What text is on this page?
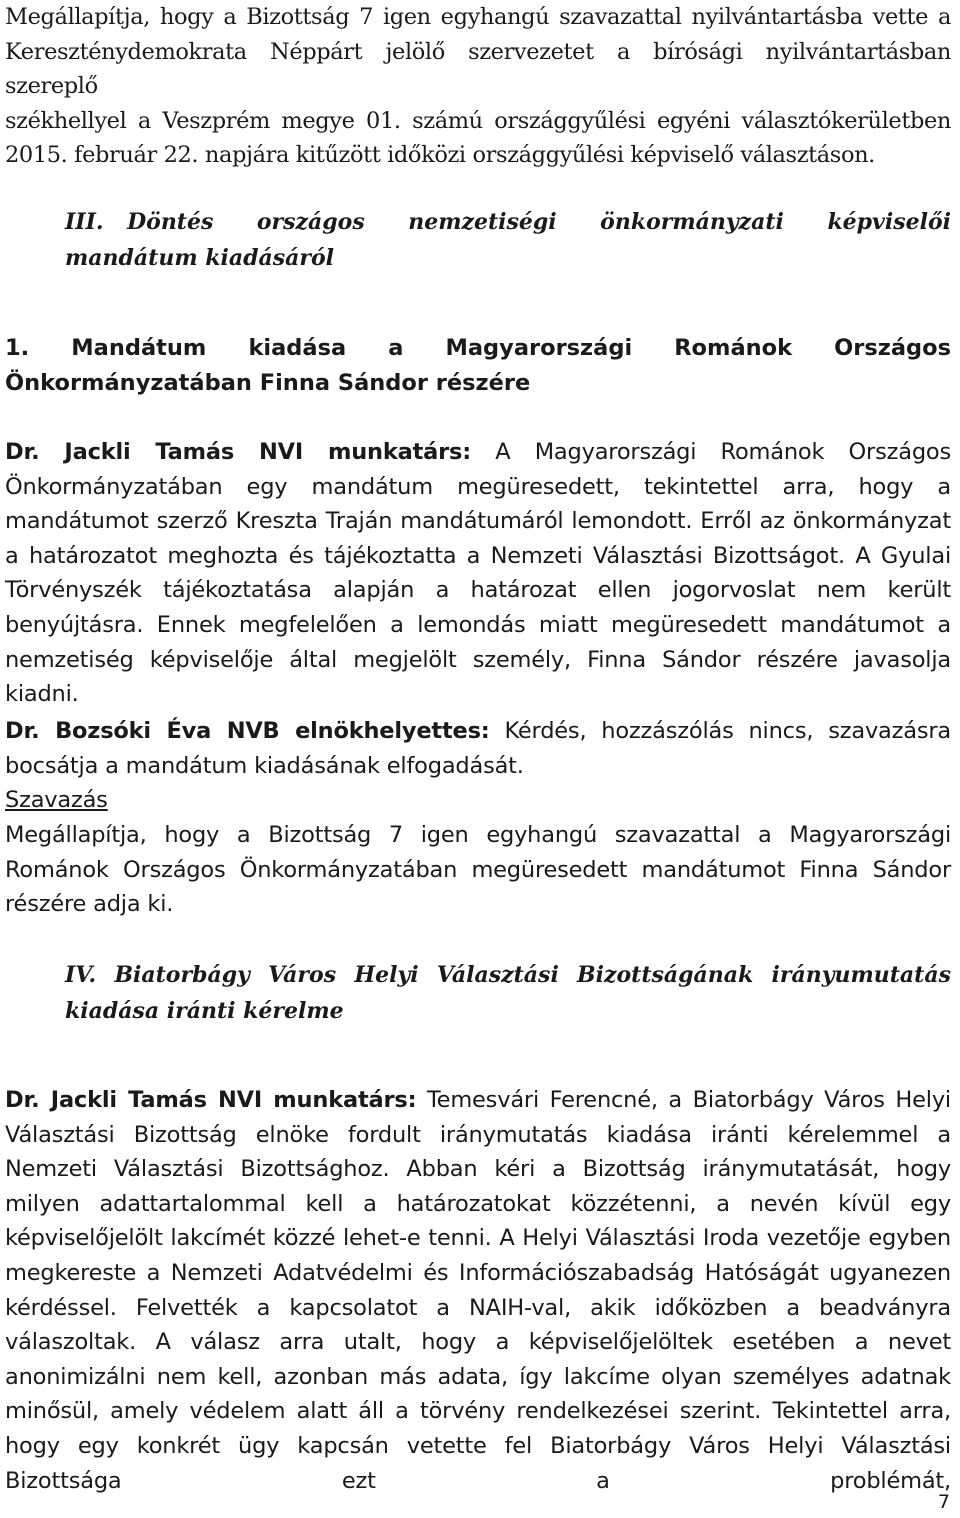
Megállapítja, hogy a Bizottság 7 igen egyhangú szavazattal nyilvántartásba vette a

Kereszténydemokrata Néppárt jelölő szervezetet a bírósági nyilvántartásban szereplő

székhellyel a Veszprém megye 01. számú országgyűlési egyéni választókerületben

2015. február 22. napjára kitűzött időközi országgyűlési képviselő választáson.

III. Döntés országos nemzetiségi önkormányzati képviselői
mandátum kiadásáról
1. Mandátum kiadása a Magyarországi Románok Országos
Önkormányzatában Finna Sándor részére

Dr. Jackli Tamás NVI munkatárs: A Magyarországi Románok Országos Önkormányzatában egy mandátum megüresedett, tekintettel arra, hogy a mandátumot szerző Kreszta Traján mandátumáról lemondott. Erről az önkormányzat a határozatot meghozta és tájékoztatta a Nemzeti Választási Bizottságot. A Gyulai Törvényszék tájékoztatása alapján a határozat ellen jogorvoslat nem került benyújtásra. Ennek megfelelően a lemondás miatt megüresedett mandátumot a nemzetiség képviselője által megjelölt személy, Finna Sándor részére javasolja kiadni.

Dr. Bozsóki Éva NVB elnökhelyettes: Kérdés, hozzászólás nincs, szavazásra bocsátja a mandátum kiadásának elfogadását.

Szavazás

Megállapítja, hogy a Bizottság 7 igen egyhangú szavazattal a Magyarországi Románok Országos Önkormányzatában megüresedett mandátumot Finna Sándor részére adja ki.

IV. Biatorbágy Város Helyi Választási Bizottságának irányumutatás
kiadása iránti kérelme

Dr. Jackli Tamás NVI munkatárs: Temesvári Ferencné, a Biatorbágy Város Helyi Választási Bizottság elnöke fordult iránymutatás kiadása iránti kérelemmel a Nemzeti Választási Bizottsághoz. Abban kéri a Bizottság iránymutatását, hogy milyen adattartalommal kell a határozatokat közzétenni, a nevén kívül egy képviselőjelölt lakcímét közzé lehet-e tenni. A Helyi Választási Iroda vezetője egyben megkereste a Nemzeti Adatvédelmi és Információszabadság Hatóságát ugyanezen kérdéssel. Felvették a kapcsolatot a NAIH-val, akik időközben a beadványra válaszoltak. A válasz arra utalt, hogy a képviselőjelöltek esetében a nevet anonimizálni nem kell, azonban más adata, így lakcíme olyan személyes adatnak minősül, amely védelem alatt áll a törvény rendelkezései szerint. Tekintettel arra, hogy egy konkrét ügy kapcsán vetette fel Biatorbágy Város Helyi Választási Bizottsága ezt a problémát,

7
